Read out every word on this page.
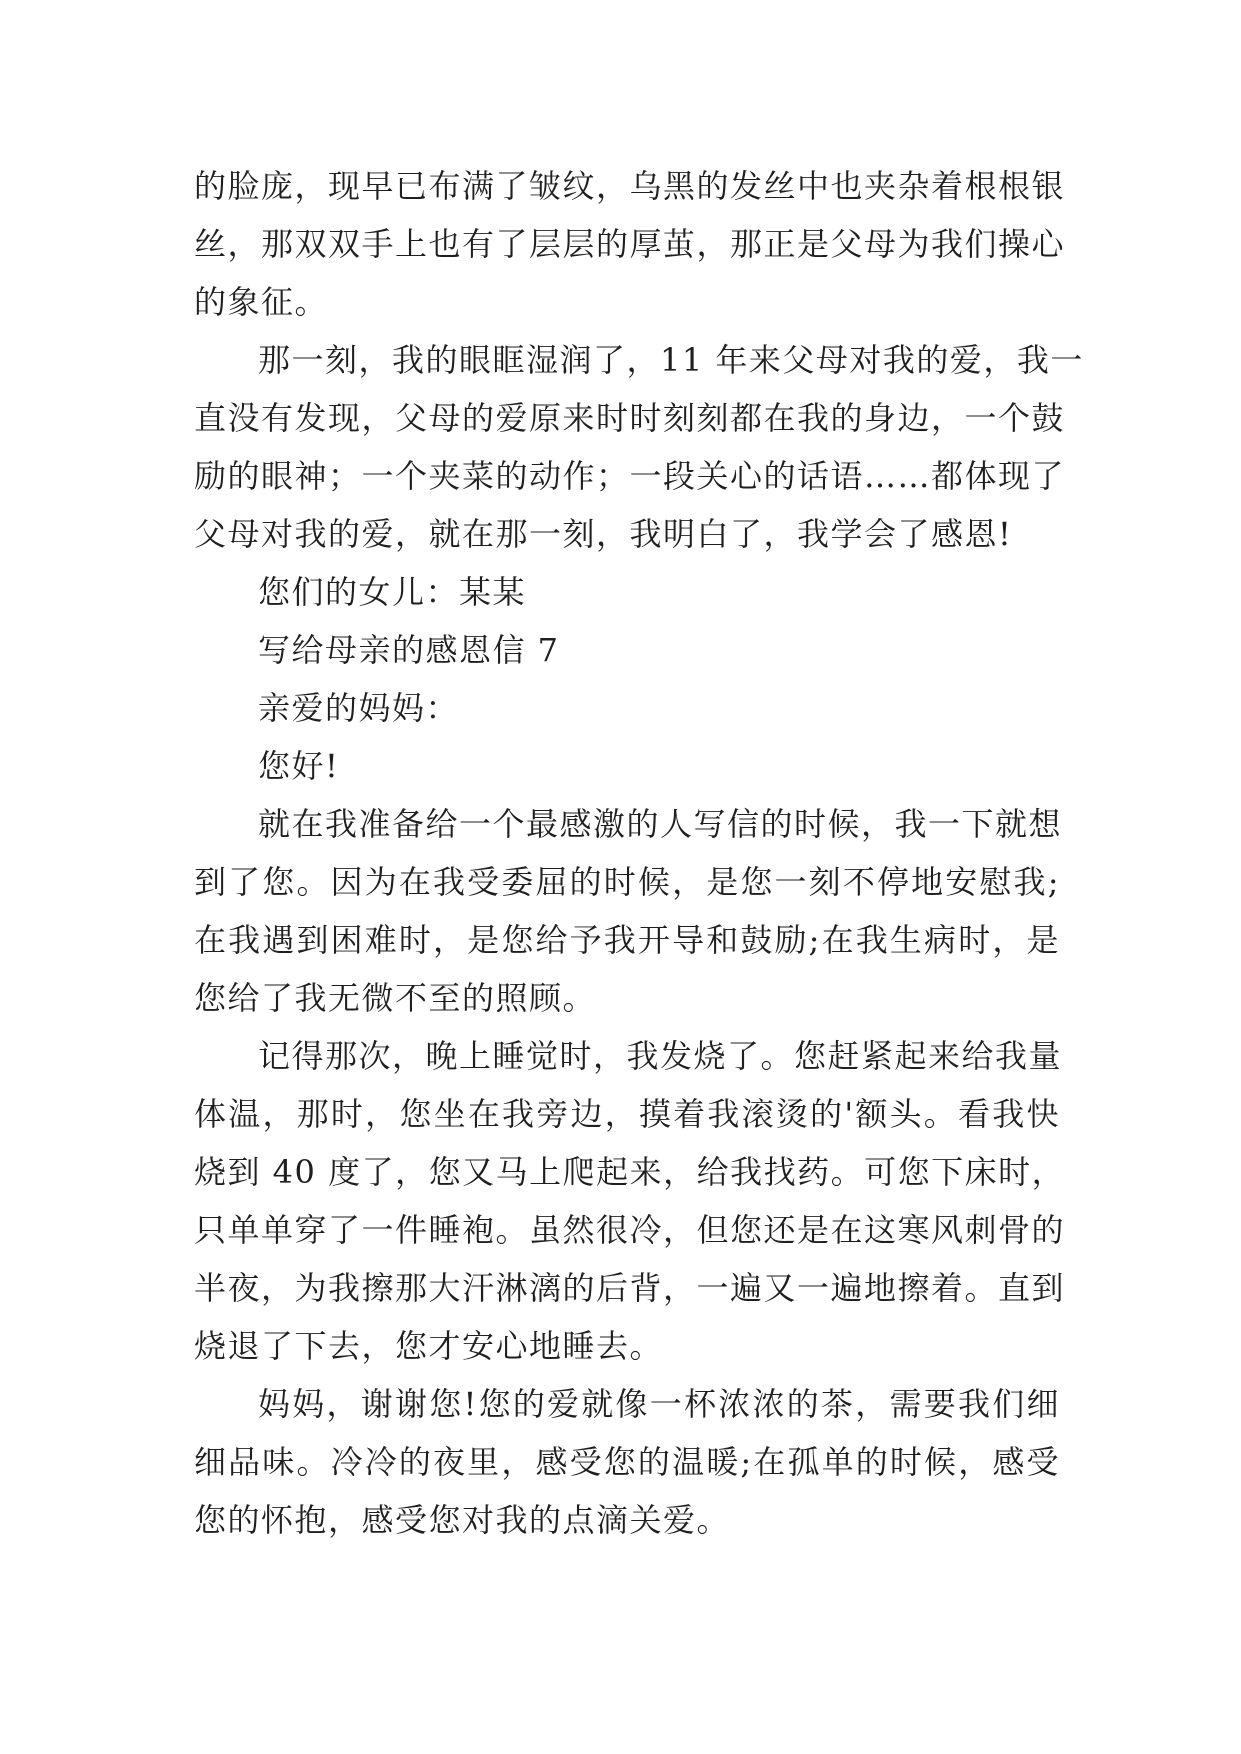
的脸庞，现早已布满了皱纹，乌黑的发丝中也夹杂着根根银
丝，那双双手上也有了层层的厚茧，那正是父母为我们操心
的象征。
那一刻，我的眼眶湿润了，11 年来父母对我的爱，我一
直没有发现，父母的爱原来时时刻刻都在我的身边，一个鼓
励的眼神；一个夹菜的动作；一段关心的话语……都体现了
父母对我的爱，就在那一刻，我明白了，我学会了感恩!
您们的女儿：某某
写给母亲的感恩信 7
亲爱的妈妈：
您好!
就在我准备给一个最感激的人写信的时候，我一下就想
到了您。因为在我受委屈的时候，是您一刻不停地安慰我;
在我遇到困难时，是您给予我开导和鼓励;在我生病时，是
您给了我无微不至的照顾。
记得那次，晚上睡觉时，我发烧了。您赶紧起来给我量
体温，那时，您坐在我旁边，摸着我滚烫的'额头。看我快
烧到 40 度了，您又马上爬起来，给我找药。可您下床时，
只单单穿了一件睡袍。虽然很冷，但您还是在这寒风刺骨的
半夜，为我擦那大汗淋漓的后背，一遍又一遍地擦着。直到
烧退了下去，您才安心地睡去。
妈妈，谢谢您!您的爱就像一杯浓浓的茶，需要我们细
细品味。冷冷的夜里，感受您的温暖;在孤单的时候，感受
您的怀抱，感受您对我的点滴关爱。
